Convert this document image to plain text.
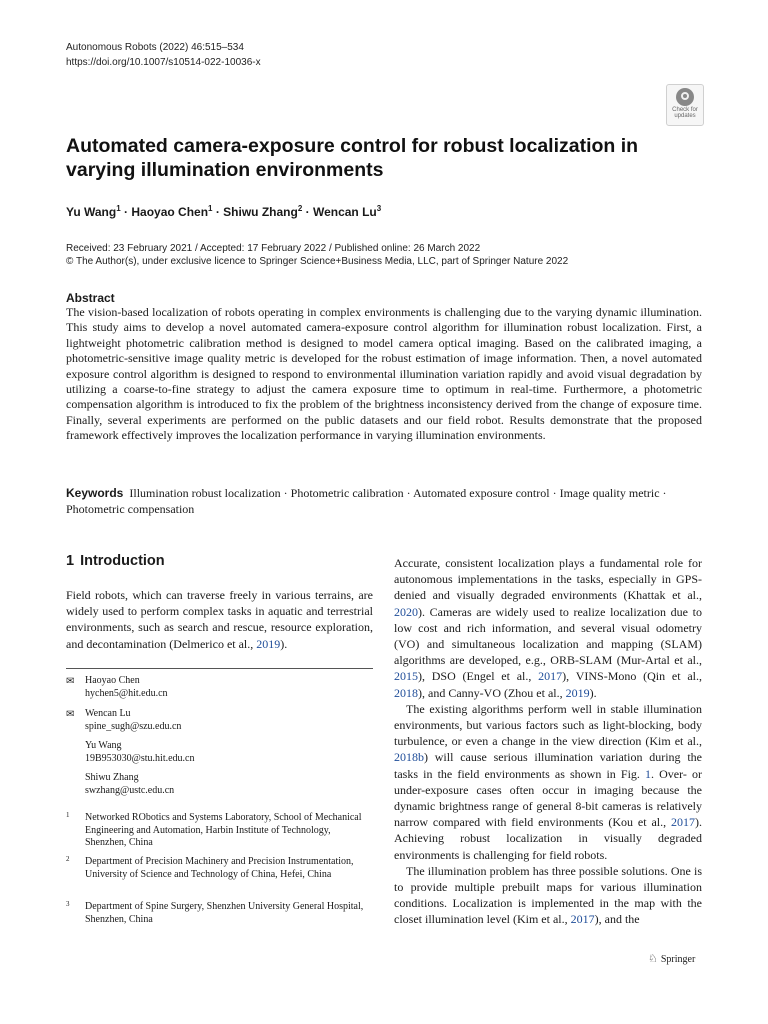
Autonomous Robots (2022) 46:515–534
https://doi.org/10.1007/s10514-022-10036-x
Check for
updates
Automated camera-exposure control for robust localization in varying illumination environments
Yu Wang$^1$ · Haoyao Chen$^1$ · Shiwu Zhang$^2$ · Wencan Lu$^3$
Received: 23 February 2021 / Accepted: 17 February 2022 / Published online: 26 March 2022
© The Author(s), under exclusive licence to Springer Science+Business Media, LLC, part of Springer Nature 2022
Abstract

The vision-based localization of robots operating in complex environments is challenging due to the varying dynamic illumination. This study aims to develop a novel automated camera-exposure control algorithm for illumination robust localization. First, a lightweight photometric calibration method is designed to model camera optical imaging. Based on the calibrated imaging, a photometric-sensitive image quality metric is developed for the robust estimation of image information. Then, a novel automated exposure control algorithm is designed to respond to environmental illumination variation rapidly and avoid visual degradation by utilizing a coarse-to-fine strategy to adjust the camera exposure time to optimum in real-time. Furthermore, a photometric compensation algorithm is introduced to fix the problem of the brightness inconsistency derived from the change of exposure time. Finally, several experiments are performed on the public datasets and our field robot. Results demonstrate that the proposed framework effectively improves the localization performance in varying illumination environments.

Keywords Illumination robust localization · Photometric calibration · Automated exposure control · Image quality metric · Photometric compensation

1 Introduction

Field robots, which can traverse freely in various terrains, are widely used to perform complex tasks in aquatic and terrestrial environments, such as search and rescue, resource exploration, and decontamination (Delmerico et al., 2019).

✉ Haoyao Chen
hychen5@hit.edu.cn
✉ Wencan Lu
spine_sugh@szu.edu.cn
Yu Wang
19B953030@stu.hit.edu.cn
Shiwu Zhang
swzhang@ustc.edu.cn
1 Networked RObotics and Systems Laboratory, School of Mechanical Engineering and Automation, Harbin Institute of Technology, Shenzhen, China
2 Department of Precision Machinery and Precision Instrumentation, University of Science and Technology of China, Hefei, China
3 Department of Spine Surgery, Shenzhen University General Hospital, Shenzhen, China

Accurate, consistent localization plays a fundamental role for autonomous implementations in the tasks, especially in GPS-denied and visually degraded environments (Khattak et al., 2020). Cameras are widely used to realize localization due to low cost and rich information, and several visual odometry (VO) and simultaneous localization and mapping (SLAM) algorithms are developed, e.g., ORB-SLAM (Mur-Artal et al., 2015), DSO (Engel et al., 2017), VINS-Mono (Qin et al., 2018), and Canny-VO (Zhou et al., 2019).

The existing algorithms perform well in stable illumination environments, but various factors such as light-blocking, body turbulence, or even a change in the view direction (Kim et al., 2018b) will cause serious illumination variation during the tasks in the field environments as shown in Fig. 1. Over- or under-exposure cases often occur in imaging because the dynamic brightness range of general 8-bit cameras is relatively narrow compared with field environments (Kou et al., 2017). Achieving robust localization in visually degraded environments is challenging for field robots.

The illumination problem has three possible solutions. One is to provide multiple prebuilt maps for various illumination conditions. Localization is implemented in the map with the closet illumination level (Kim et al., 2017), and the

♘ Springer
